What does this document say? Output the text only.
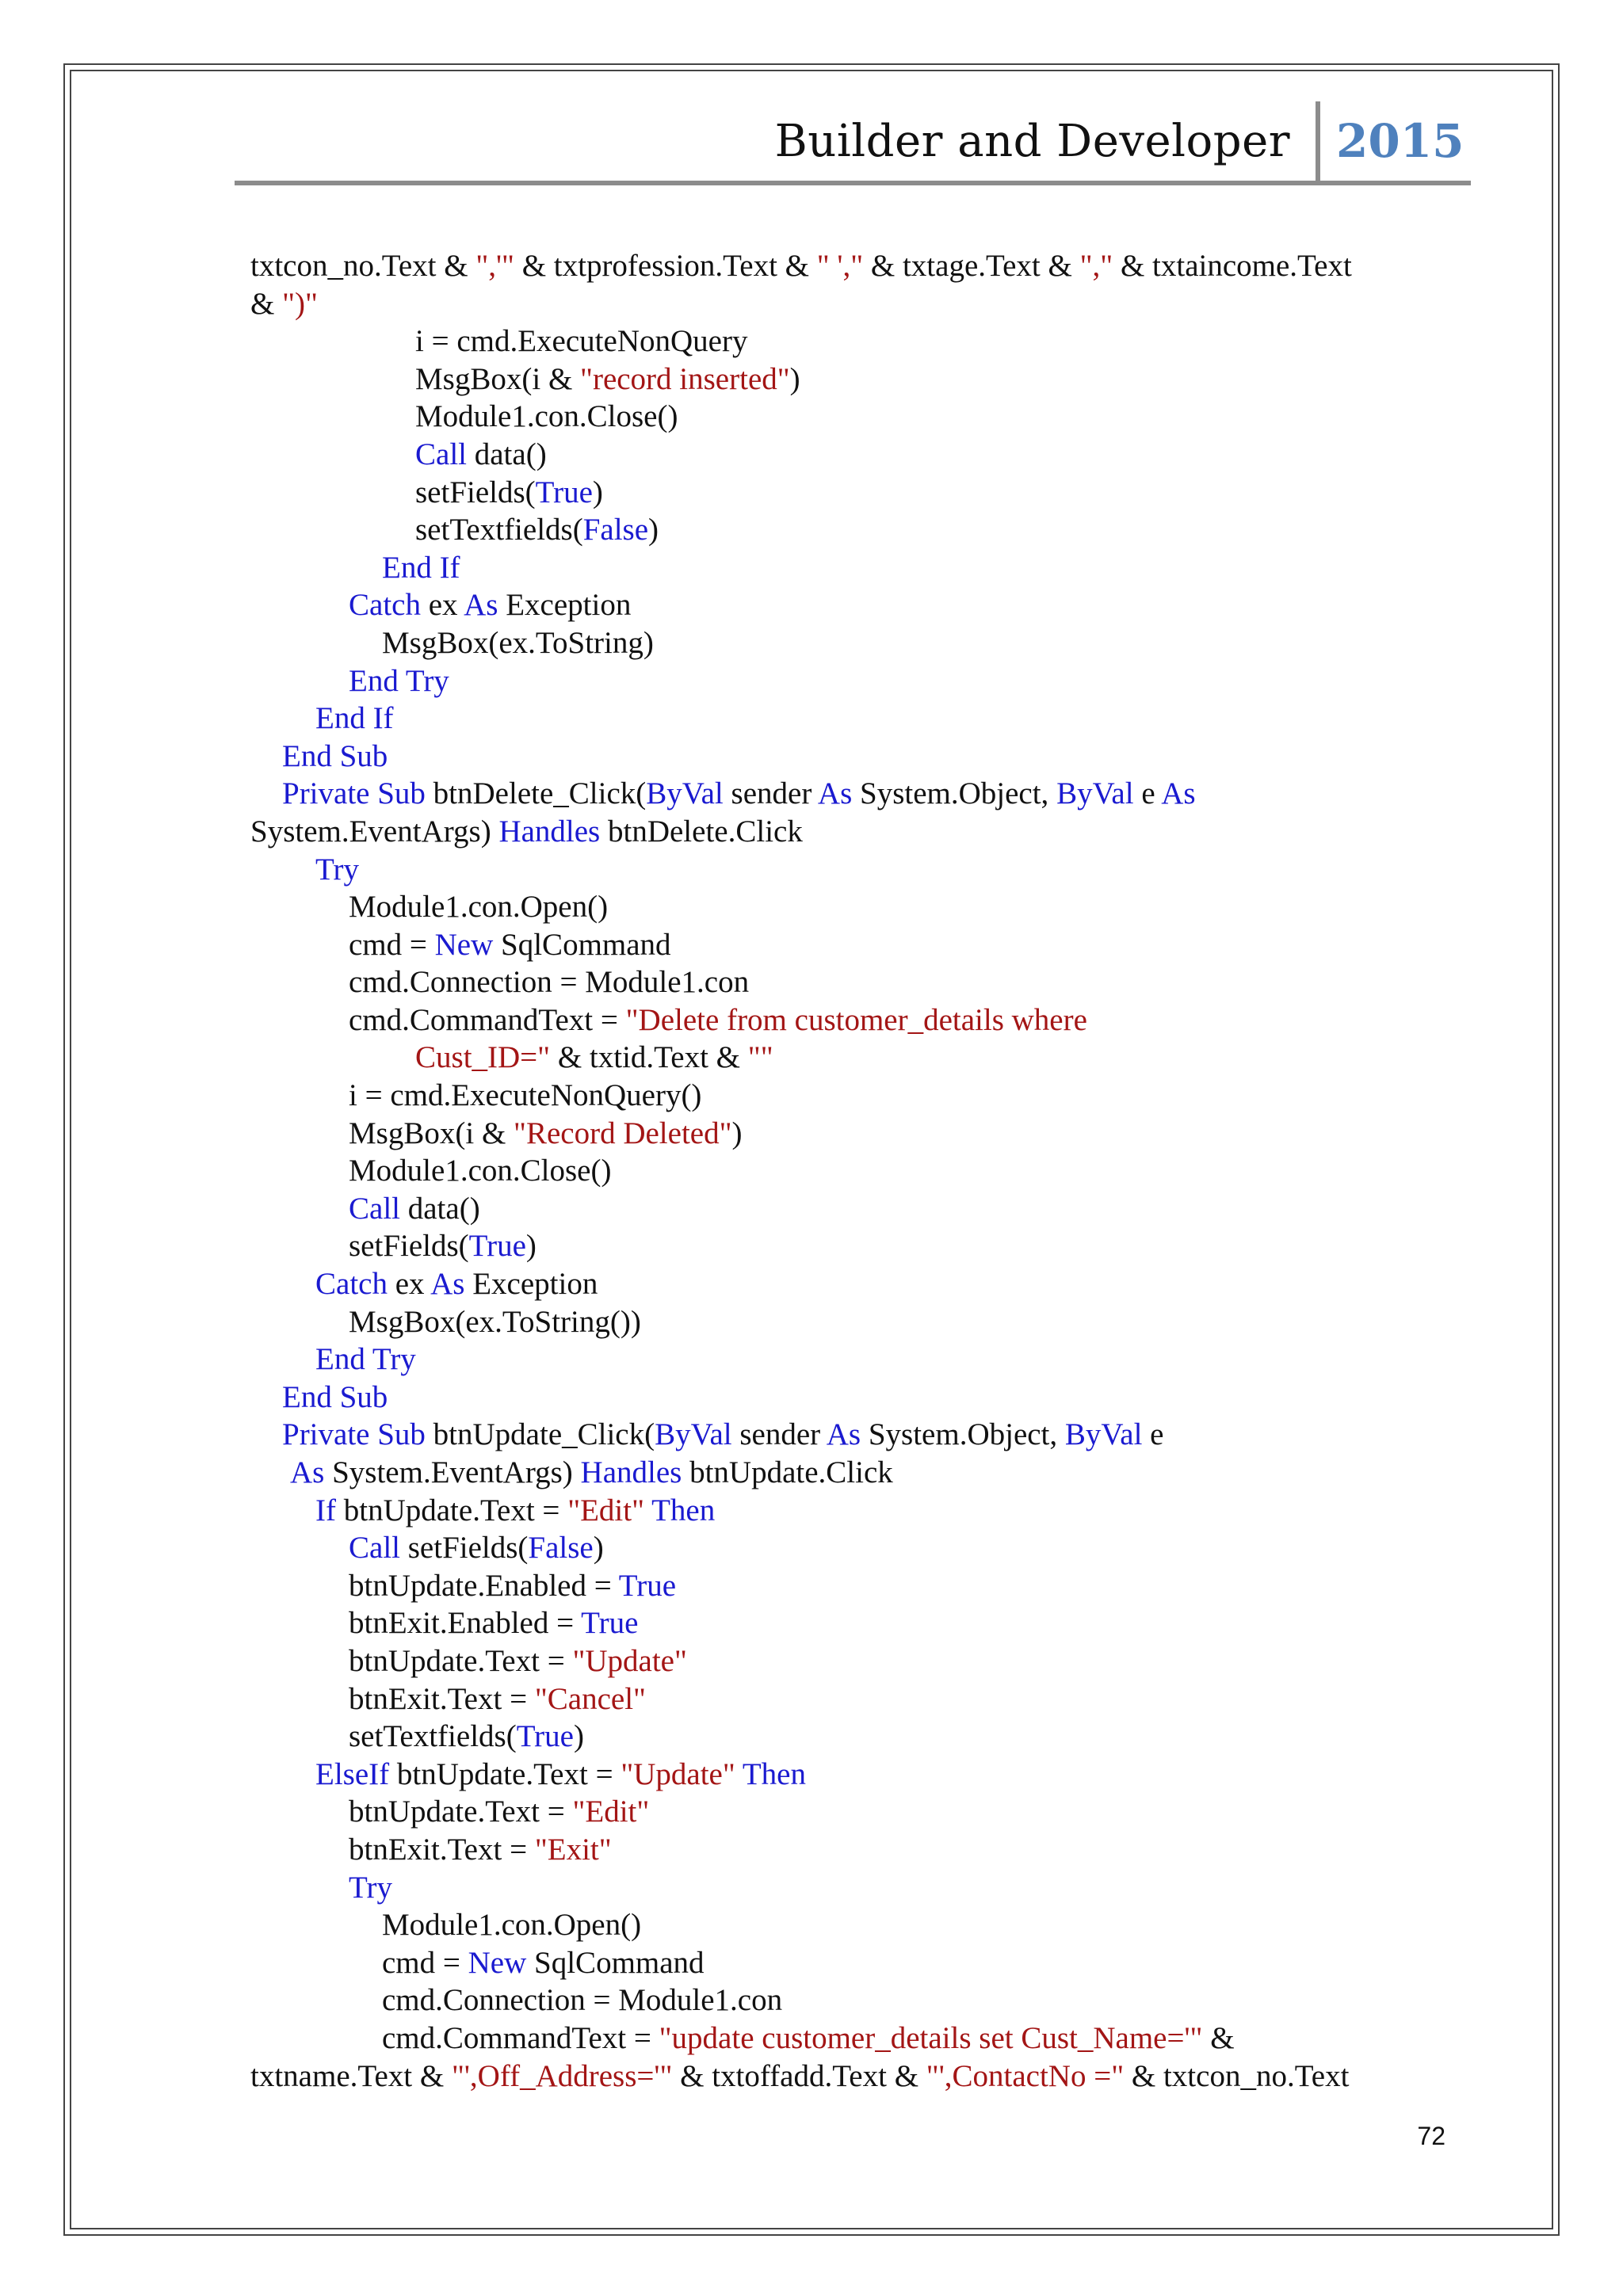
Builder and Developer 2015
txtcon_no.Text & ",'" & txtprofession.Text & " '," & txtage.Text & "," & txtaincome.Text
& ")"
i = cmd.ExecuteNonQuery
MsgBox(i & "record inserted")
Module1.con.Close()
Call data()
setFields(True)
setTextfields(False)
End If
Catch ex As Exception
MsgBox(ex.ToString)
End Try
End If
End Sub
Private Sub btnDelete_Click(ByVal sender As System.Object, ByVal e As
System.EventArgs) Handles btnDelete.Click
Try
Module1.con.Open()
cmd = New SqlCommand
cmd.Connection = Module1.con
cmd.CommandText = "Delete from customer_details where
Cust_ID=" & txtid.Text & ""
i = cmd.ExecuteNonQuery()
MsgBox(i & "Record Deleted")
Module1.con.Close()
Call data()
setFields(True)
Catch ex As Exception
MsgBox(ex.ToString())
End Try
End Sub
Private Sub btnUpdate_Click(ByVal sender As System.Object, ByVal e
As System.EventArgs) Handles btnUpdate.Click
If btnUpdate.Text = "Edit" Then
Call setFields(False)
btnUpdate.Enabled = True
btnExit.Enabled = True
btnUpdate.Text = "Update"
btnExit.Text = "Cancel"
setTextfields(True)
ElseIf btnUpdate.Text = "Update" Then
btnUpdate.Text = "Edit"
btnExit.Text = "Exit"
Try
Module1.con.Open()
cmd = New SqlCommand
cmd.Connection = Module1.con
cmd.CommandText = "update customer_details set Cust_Name='" &
txtname.Text & "',Off_Address='" & txtoffadd.Text & "',ContactNo =" & txtcon_no.Text
72
